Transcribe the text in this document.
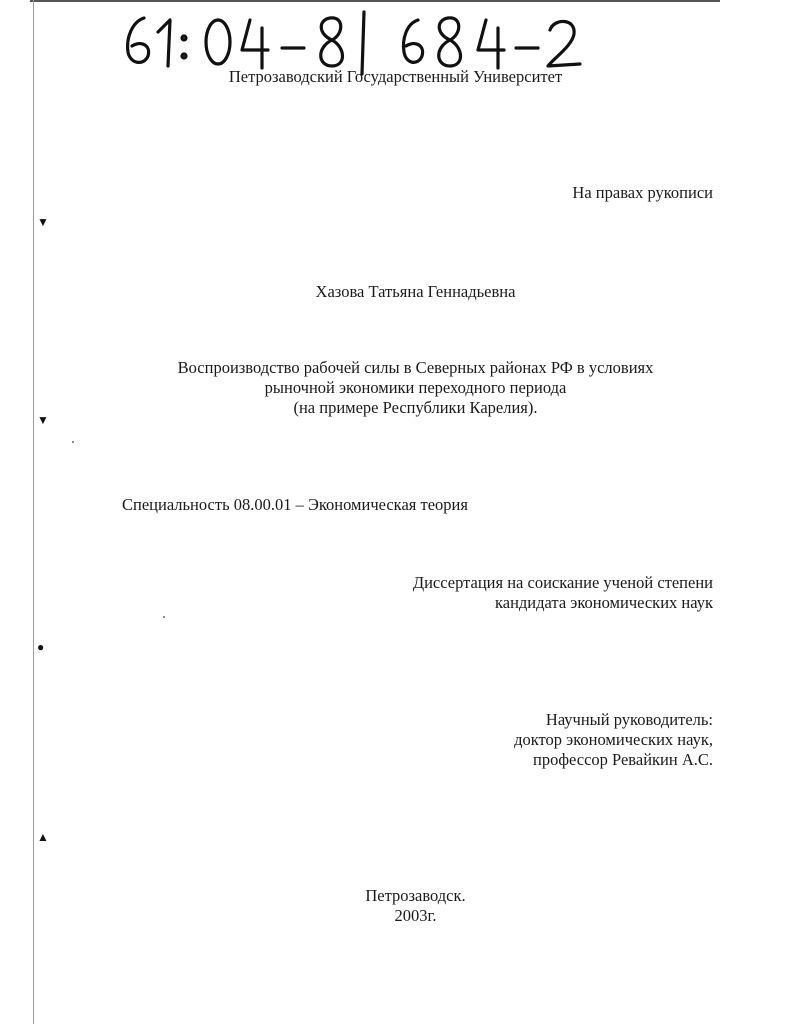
▼
▼
●
▲
Петрозаводский Государственный Университет
На правах рукописи
Хазова Татьяна Геннадьевна
Воспроизводство рабочей силы в Северных районах РФ в условиях
рыночной экономики переходного периода
(на примере Республики Карелия).
Специальность 08.00.01 – Экономическая теория
Диссертация на соискание ученой степени
кандидата экономических наук
Научный руководитель:
доктор экономических наук,
профессор Ревайкин А.С.
Петрозаводск.
2003г.
